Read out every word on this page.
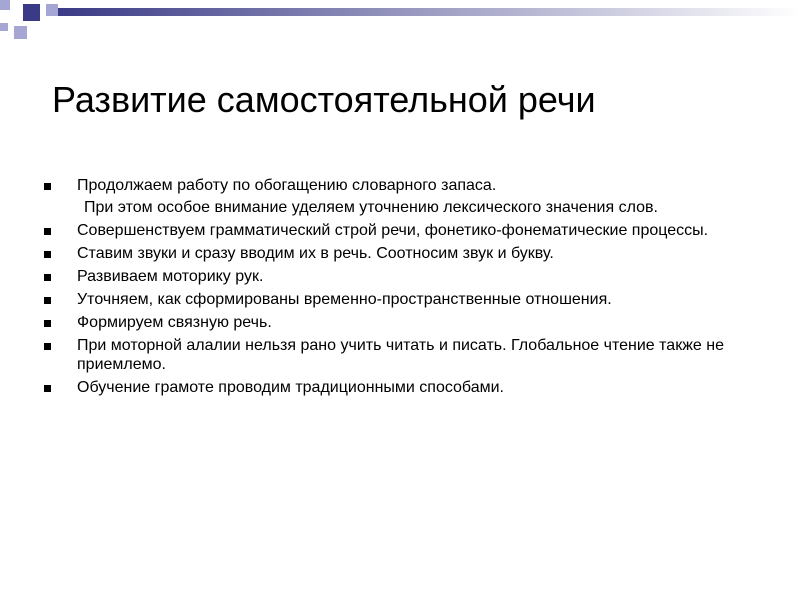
Развитие самостоятельной речи
Продолжаем работу по обогащению словарного запаса.
При этом особое внимание уделяем уточнению лексического значения слов.
Совершенствуем грамматический строй речи, фонетико-фонематические процессы.
Ставим звуки и сразу вводим их в речь. Соотносим звук и букву.
Развиваем моторику рук.
Уточняем, как сформированы временно-пространственные отношения.
Формируем связную речь.
При моторной алалии нельзя рано учить читать и писать. Глобальное чтение также не приемлемо.
Обучение грамоте проводим традиционными способами.
